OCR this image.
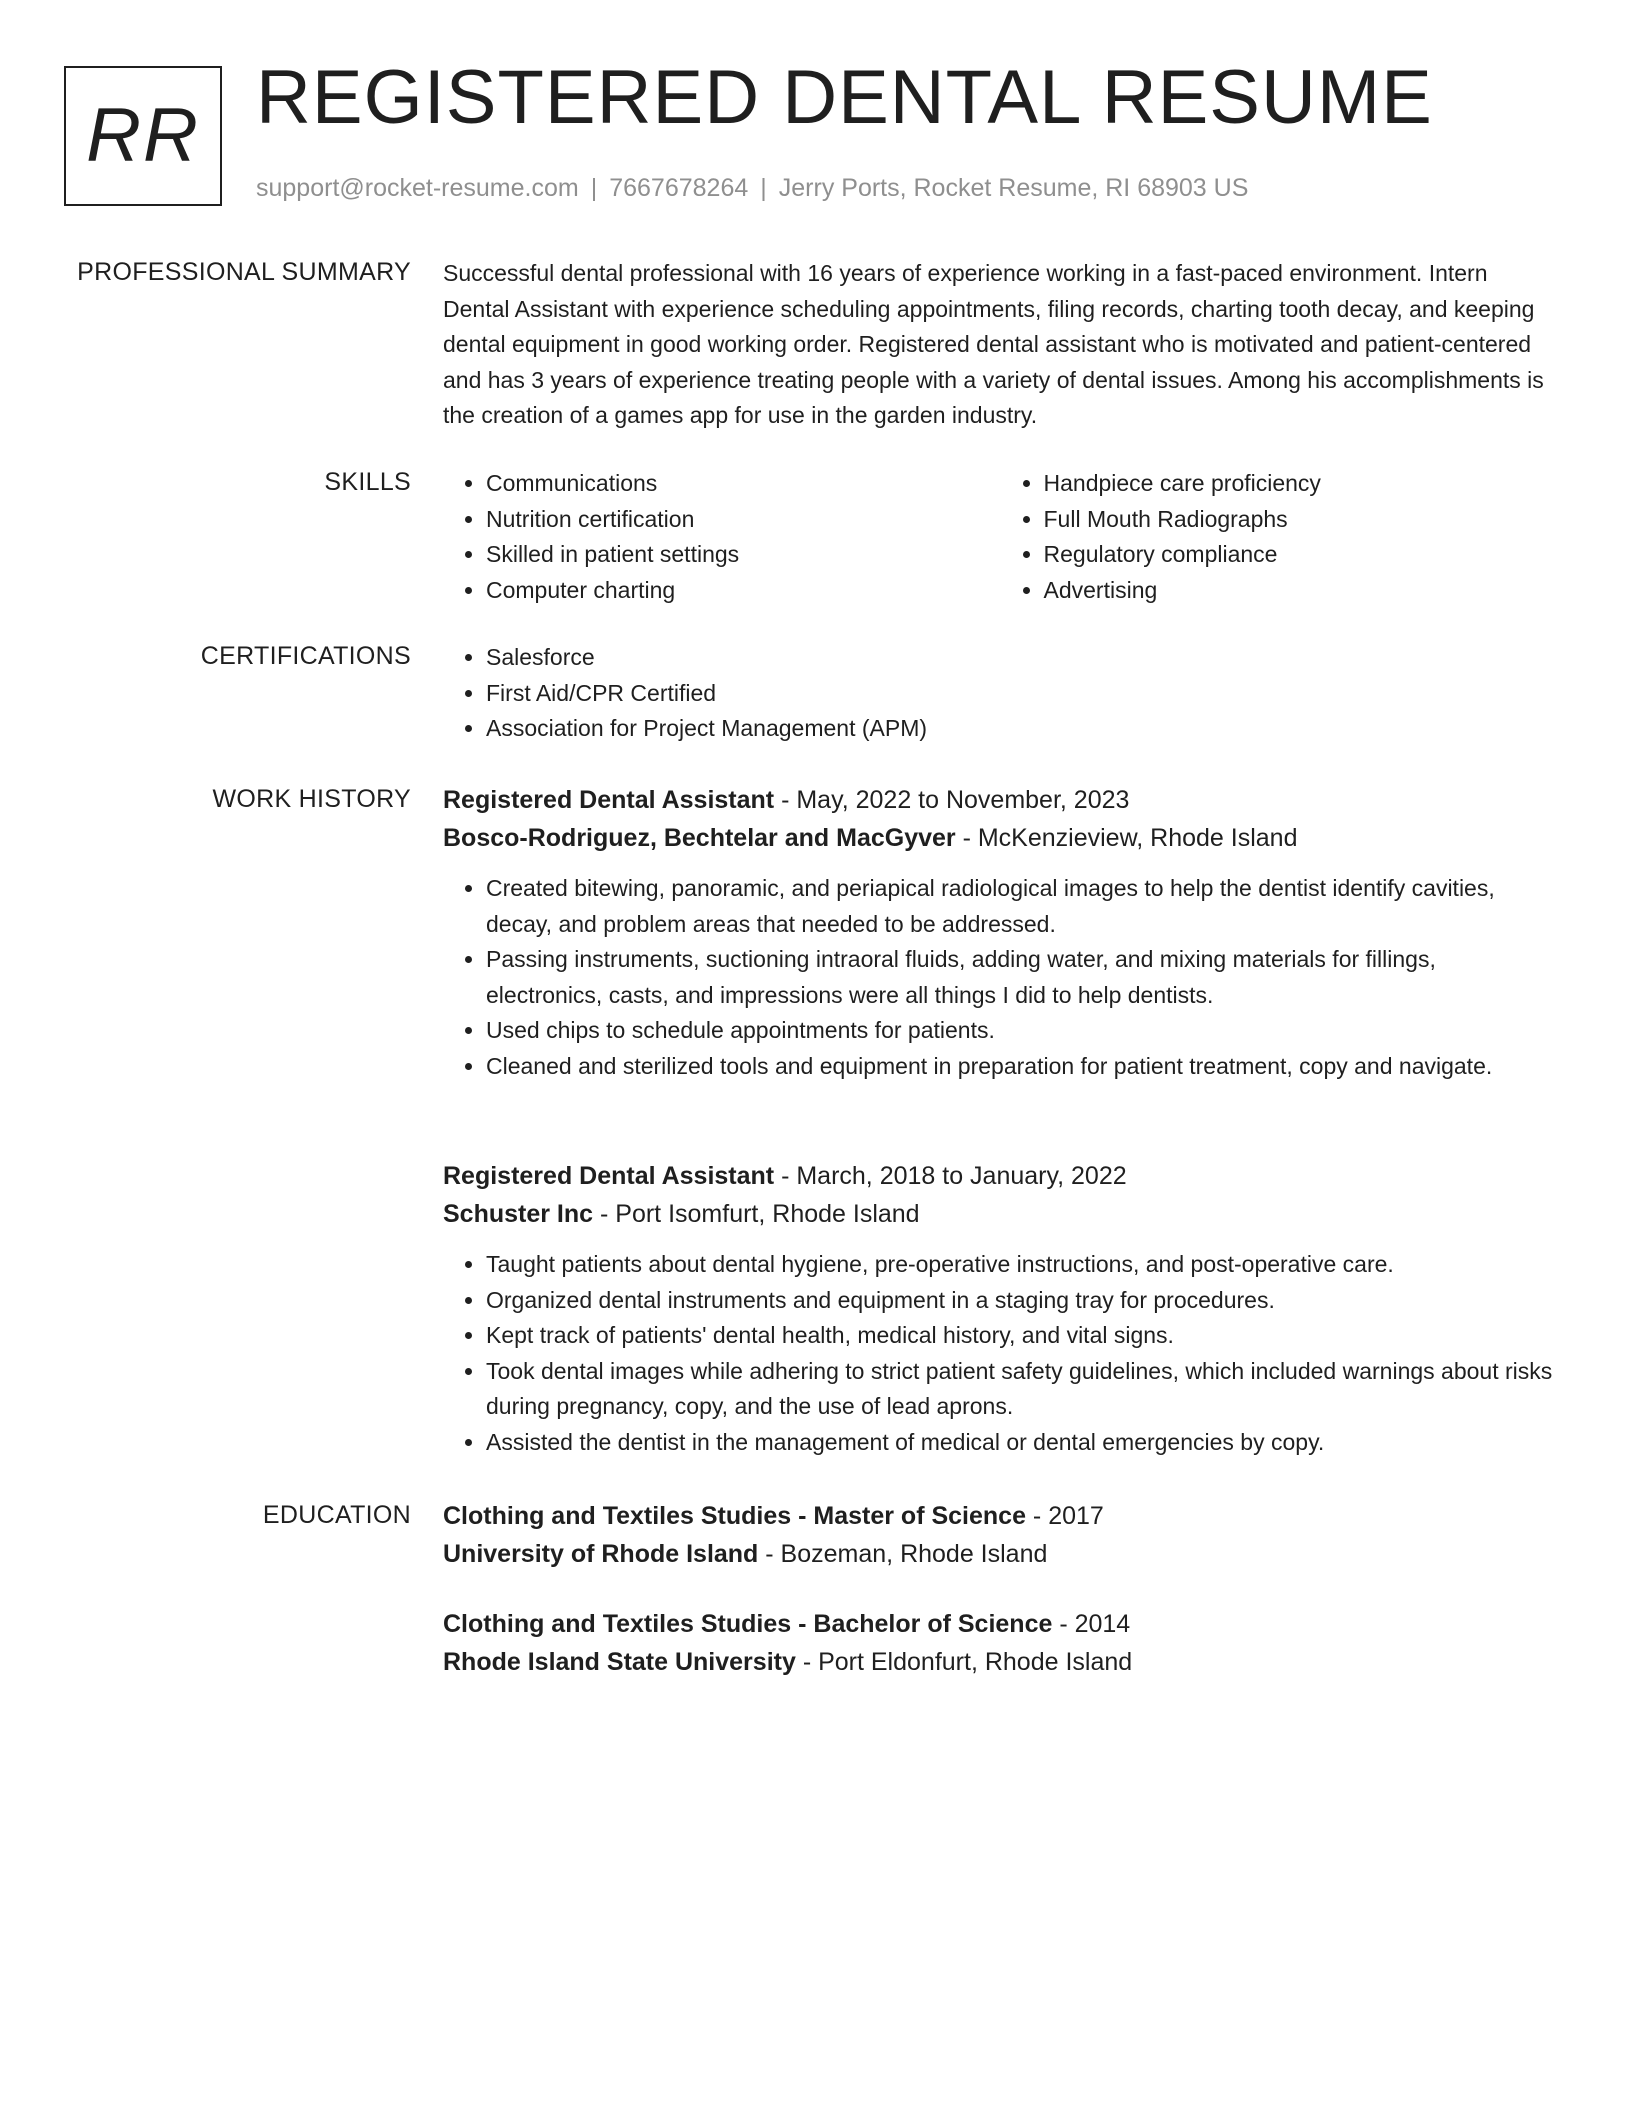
RR REGISTERED DENTAL RESUME
support@rocket-resume.com | 7667678264 | Jerry Ports, Rocket Resume, RI 68903 US
PROFESSIONAL SUMMARY Successful dental professional with 16 years of experience working in a fast-paced environment. Intern Dental Assistant with experience scheduling appointments, filing records, charting tooth decay, and keeping dental equipment in good working order. Registered dental assistant who is motivated and patient-centered and has 3 years of experience treating people with a variety of dental issues. Among his accomplishments is the creation of a games app for use in the garden industry.

SKILLS	• Communications
• Nutrition certification
• Skilled in patient settings
• Computer charting
• Handpiece care proficiency
• Full Mouth Radiographs
• Regulatory compliance
• Advertising
CERTIFICATIONS	• Salesforce
• First Aid/CPR Certified
• Association for Project Management (APM)
WORK HISTORY Registered Dental Assistant - May, 2022 to November, 2023
Bosco-Rodriguez, Bechtelar and MacGyver - McKenzieview, Rhode Island
• Created bitewing, panoramic, and periapical radiological images to help the dentist identify cavities, decay, and problem areas that needed to be addressed.
• Passing instruments, suctioning intraoral fluids, adding water, and mixing materials for fillings, electronics, casts, and impressions were all things I did to help dentists.
• Used chips to schedule appointments for patients.
• Cleaned and sterilized tools and equipment in preparation for patient treatment, copy and navigate.
Registered Dental Assistant - March, 2018 to January, 2022
Schuster Inc - Port Isomfurt, Rhode Island
• Taught patients about dental hygiene, pre-operative instructions, and post-operative care.
• Organized dental instruments and equipment in a staging tray for procedures.
• Kept track of patients' dental health, medical history, and vital signs.
• Took dental images while adhering to strict patient safety guidelines, which included warnings about risks during pregnancy, copy, and the use of lead aprons.
• Assisted the dentist in the management of medical or dental emergencies by copy.
EDUCATION Clothing and Textiles Studies - Master of Science - 2017
University of Rhode Island - Bozeman, Rhode Island
Clothing and Textiles Studies - Bachelor of Science - 2014
Rhode Island State University - Port Eldonfurt, Rhode Island
